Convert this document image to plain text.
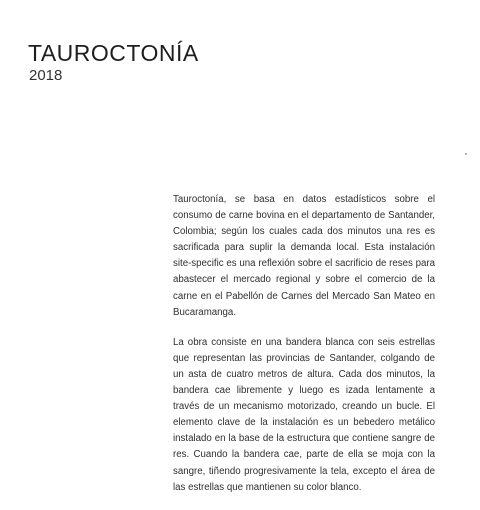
TAUROCTONÍA
2018

Tauroctonía, se basa en datos estadísticos sobre el consumo de carne bovina en el departamento de Santander, Colombia; según los cuales cada dos minutos una res es sacrificada para suplir la demanda local. Esta instalación site-specific es una reflexión sobre el sacrificio de reses para abastecer el mercado regional y sobre el comercio de la carne en el Pabellón de Carnes del Mercado San Mateo en Bucaramanga.

La obra consiste en una bandera blanca con seis estrellas que representan las provincias de Santander, colgando de un asta de cuatro metros de altura. Cada dos minutos, la bandera cae libremente y luego es izada lentamente a través de un mecanismo motorizado, creando un bucle. El elemento clave de la instalación es un bebedero metálico instalado en la base de la estructura que contiene sangre de res. Cuando la bandera cae, parte de ella se moja con la sangre, tiñendo progresivamente la tela, excepto el área de las estrellas que mantienen su color blanco.
